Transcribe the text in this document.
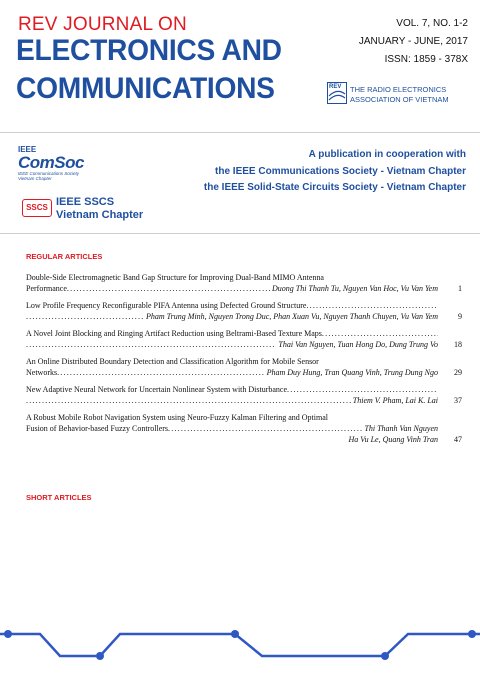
REV JOURNAL ON
ELECTRONICS AND
COMMUNICATIONS
VOL. 7, NO. 1-2
JANUARY - JUNE, 2017
ISSN: 1859 - 378X
REV THE RADIO ELECTRONICS
ASSOCIATION OF VIETNAM
A publication in cooperation with
the IEEE Communications Society - Vietnam Chapter
the IEEE Solid-State Circuits Society - Vietnam Chapter
IEEE
ComSoc
IEEE Communications Society
Vietnam Chapter
SSCS IEEE SSCS
Vietnam Chapter
REGULAR ARTICLES
Double-Side Electromagnetic Band Gap Structure for Improving Dual-Band MIMO Antenna
Performance . . .	Duong Thi Thanh Tu, Nguyen Van Hoc, Vu Van Yem	1
Low Profile Frequency Reconfigurable PIFA Antenna using Defected Ground Structure
. . .
. . .
Pham Trung Minh, Nguyen Trong Duc, Phan Xuan Vu, Nguyen Thanh Chuyen, Vu Van Yem	9
A Novel Joint Blocking and Ringing Artifact Reduction using Beltrami-Based Texture Maps
. . .
. . .
Thai Van Nguyen, Tuan Hong Do, Dung Trung Vo	18
An Online Distributed Boundary Detection and Classification Algorithm for Mobile Sensor
Networks . . .	Pham Duy Hung, Tran Quang Vinh, Trung Dung Ngo	29
New Adaptive Neural Network for Uncertain Nonlinear System with Disturbance
. . .
. . .
Thiem V. Pham, Lai K. Lai	37
A Robust Mobile Robot Navigation System using Neuro-Fuzzy Kalman Filtering and Optimal
Fusion of Behavior-based Fuzzy Controllers . . .	Thi Thanh Van Nguyen
Ha Vu Le, Quang Vinh Tran	47
SHORT ARTICLES
